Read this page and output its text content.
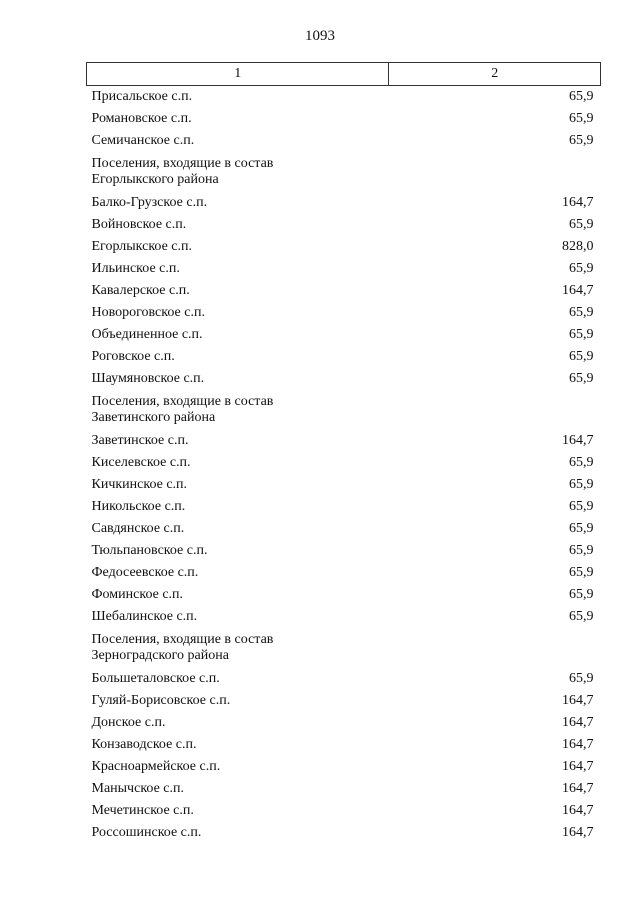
1093
1	2
Присальское с.п.	65,9
Романовское с.п.	65,9
Семичанское с.п.	65,9
Поселения, входящие в состав
Егорлыкского района	
Балко-Грузское с.п.	164,7
Войновское с.п.	65,9
Егорлыкское с.п.	828,0
Ильинское с.п.	65,9
Кавалерское с.п.	164,7
Новороговское с.п.	65,9
Объединенное с.п.	65,9
Роговское с.п.	65,9
Шаумяновское с.п.	65,9
Поселения, входящие в состав
Заветинского района	
Заветинское с.п.	164,7
Киселевское с.п.	65,9
Кичкинское с.п.	65,9
Никольское с.п.	65,9
Савдянское с.п.	65,9
Тюльпановское с.п.	65,9
Федосеевское с.п.	65,9
Фоминское с.п.	65,9
Шебалинское с.п.	65,9
Поселения, входящие в состав
Зерноградского района	
Большеталовское с.п.	65,9
Гуляй-Борисовское с.п.	164,7
Донское с.п.	164,7
Конзаводское с.п.	164,7
Красноармейское с.п.	164,7
Манычское с.п.	164,7
Мечетинское с.п.	164,7
Россошинское с.п.	164,7
